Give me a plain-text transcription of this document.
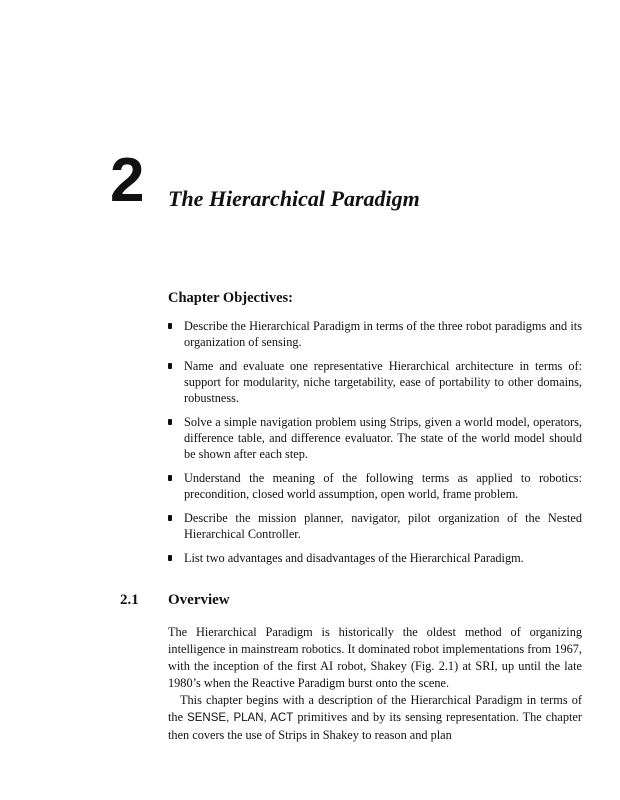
2 The Hierarchical Paradigm
Chapter Objectives:
Describe the Hierarchical Paradigm in terms of the three robot paradigms and its organization of sensing.
Name and evaluate one representative Hierarchical architecture in terms of: support for modularity, niche targetability, ease of portability to other domains, robustness.
Solve a simple navigation problem using Strips, given a world model, operators, difference table, and difference evaluator. The state of the world model should be shown after each step.
Understand the meaning of the following terms as applied to robotics: precondition, closed world assumption, open world, frame problem.
Describe the mission planner, navigator, pilot organization of the Nested Hierarchical Controller.
List two advantages and disadvantages of the Hierarchical Paradigm.
2.1 Overview

The Hierarchical Paradigm is historically the oldest method of organizing intelligence in mainstream robotics. It dominated robot implementations from 1967, with the inception of the first AI robot, Shakey (Fig. 2.1) at SRI, up until the late 1980’s when the Reactive Paradigm burst onto the scene.

This chapter begins with a description of the Hierarchical Paradigm in terms of the SENSE, PLAN, ACT primitives and by its sensing representation. The chapter then covers the use of Strips in Shakey to reason and plan
